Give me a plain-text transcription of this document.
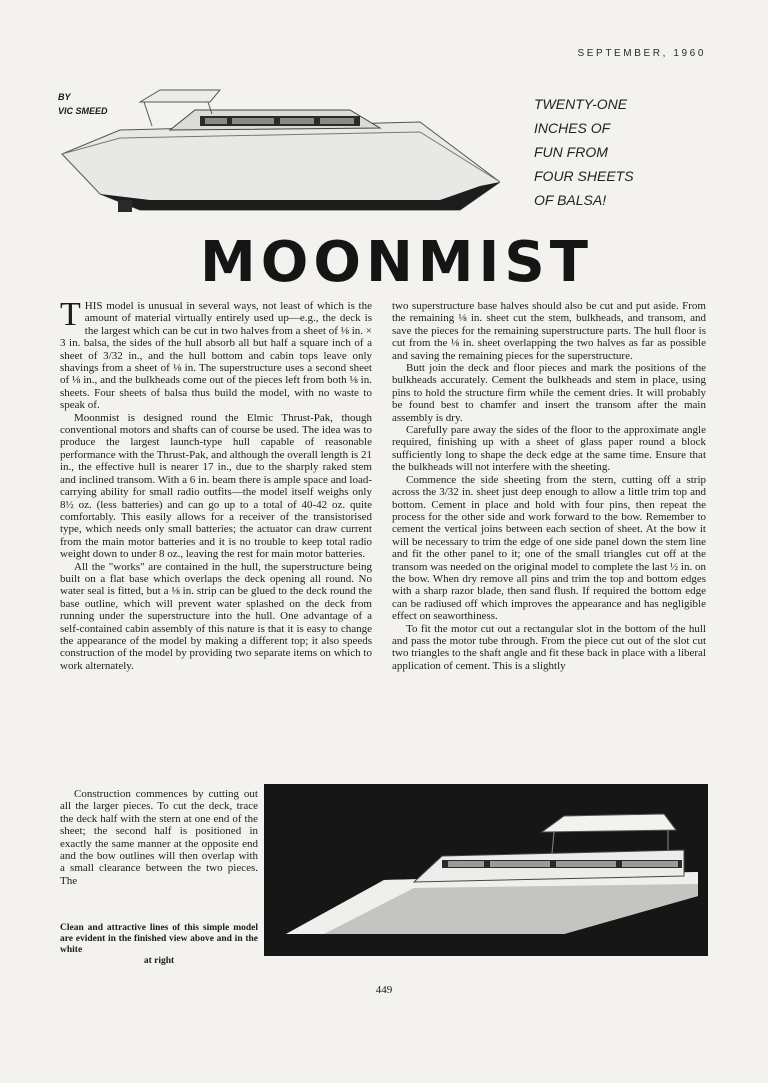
SEPTEMBER, 1960
BY
VIC SMEED	TWENTY-ONE
INCHES OF
FUN FROM
FOUR SHEETS
OF BALSA!
MOONMIST

THIS model is unusual in several ways, not least of which is the amount of material virtually entirely used up—e.g., the deck is the largest which can be cut in two halves from a sheet of ⅛ in. × 3 in. balsa, the sides of the hull absorb all but half a square inch of a sheet of 3/32 in., and the hull bottom and cabin tops leave only shavings from a sheet of ⅛ in. The superstructure uses a second sheet of ⅛ in., and the bulkheads come out of the pieces left from both ⅛ in. sheets. Four sheets of balsa thus build the model, with no waste to speak of.

Moonmist is designed round the Elmic Thrust-Pak, though conventional motors and shafts can of course be used. The idea was to produce the largest launch-type hull capable of reasonable performance with the Thrust-Pak, and although the overall length is 21 in., the effective hull is nearer 17 in., due to the sharply raked stem and inclined transom. With a 6 in. beam there is ample space and load-carrying ability for small radio outfits—the model itself weighs only 8½ oz. (less batteries) and can go up to a total of 40-42 oz. quite comfortably. This easily allows for a receiver of the transistorised type, which needs only small batteries; the actuator can draw current from the main motor batteries and it is no trouble to keep total radio weight down to under 8 oz., leaving the rest for main motor batteries.

All the "works" are contained in the hull, the superstructure being built on a flat base which overlaps the deck opening all round. No water seal is fitted, but a ⅛ in. strip can be glued to the deck round the base outline, which will prevent water splashed on the deck from running under the superstructure into the hull. One advantage of a self-contained cabin assembly of this nature is that it is easy to change the appearance of the model by making a different top; it also speeds construction of the model by providing two separate items on which to work alternately.

Construction commences by cutting out all the larger pieces. To cut the deck, trace the deck half with the stern at one end of the sheet; the second half is positioned in exactly the same manner at the opposite end and the bow outlines will then overlap with a small clearance between the two pieces. The

two superstructure base halves should also be cut and put aside. From the remaining ⅛ in. sheet cut the stem, bulkheads, and transom, and save the pieces for the remaining superstructure parts. The hull floor is cut from the ⅛ in. sheet overlapping the two halves as far as possible and saving the remaining pieces for the superstructure.

Butt join the deck and floor pieces and mark the positions of the bulkheads accurately. Cement the bulkheads and stem in place, using pins to hold the structure firm while the cement dries. It will probably be found best to chamfer and insert the transom after the main assembly is dry.

Carefully pare away the sides of the floor to the approximate angle required, finishing up with a sheet of glass paper round a block sufficiently long to shape the deck edge at the same time. Ensure that the bulkheads will not interfere with the sheeting.

Commence the side sheeting from the stern, cutting off a strip across the 3/32 in. sheet just deep enough to allow a little trim top and bottom. Cement in place and hold with four pins, then repeat the process for the other side and work forward to the bow. Remember to cement the vertical joins between each section of sheet. At the bow it will be necessary to trim the edge of one side panel down the stem line and fit the other panel to it; one of the small triangles cut off at the transom was needed on the original model to complete the last ½ in. on the bow. When dry remove all pins and trim the top and bottom edges with a sharp razor blade, then sand flush. If required the bottom edge can be radiused off which improves the appearance and has negligible effect on seaworthiness.

To fit the motor cut out a rectangular slot in the bottom of the hull and pass the motor tube through. From the piece cut out of the slot cut two triangles to the shaft angle and fit these back in place with a liberal application of cement. This is a slightly

Clean and attractive lines of this simple model are evident in the finished view above and in the white
at right
449
